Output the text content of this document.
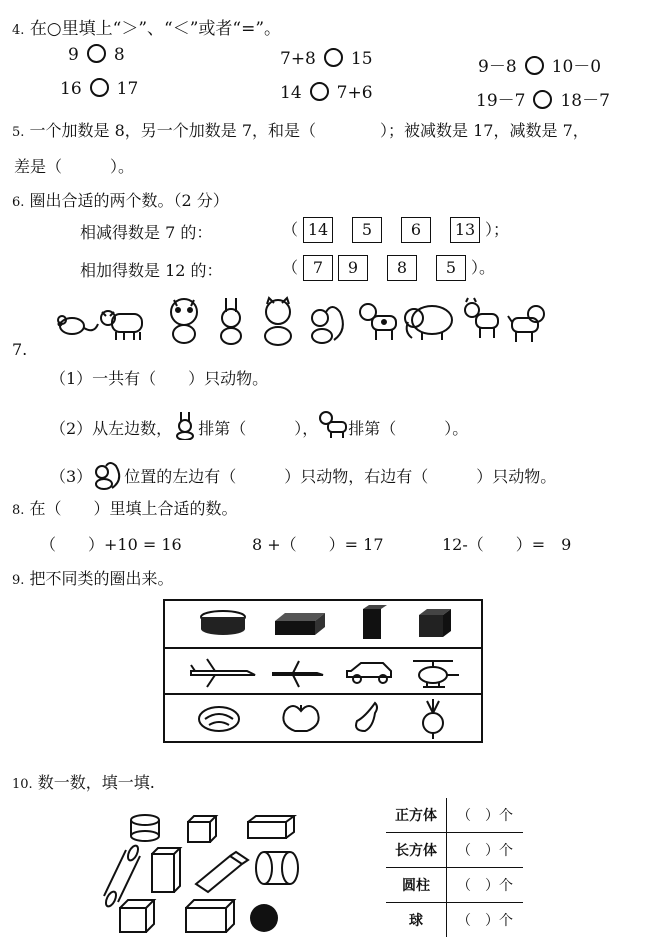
4. 在○里填上“＞”、“＜”或者“=”。
9 8	7+8 15	9－8 10－0
16 17	14 7+6	19－7 18－7
5. 一个加数是 8，另一个加数是 7，和是（　　　　）；被减数是 17，减数是 7，
差是（　　　）。
6. 圈出合适的两个数。（2 分）
相减得数是 7 的：	（ 14 5 6 13 ）；
相加得数是 12 的：	（ 7 9 8 5 ）。
7.
（1）一共有（　　）只动物。
（2）从左边数， 排第（　　　）， 排第（　　　）。
（3） 位置的左边有（　　　）只动物，右边有（　　　）只动物。
8. 在（　　）里填上合适的数。
（　　）+10 = 16	8 +（　　）= 17	12-（　　）=　9
9. 把不同类的圈出来。
10. 数一数，填一填.
正方体	（　）个
长方体	（　）个
圆柱	（　）个
球	（　）个
